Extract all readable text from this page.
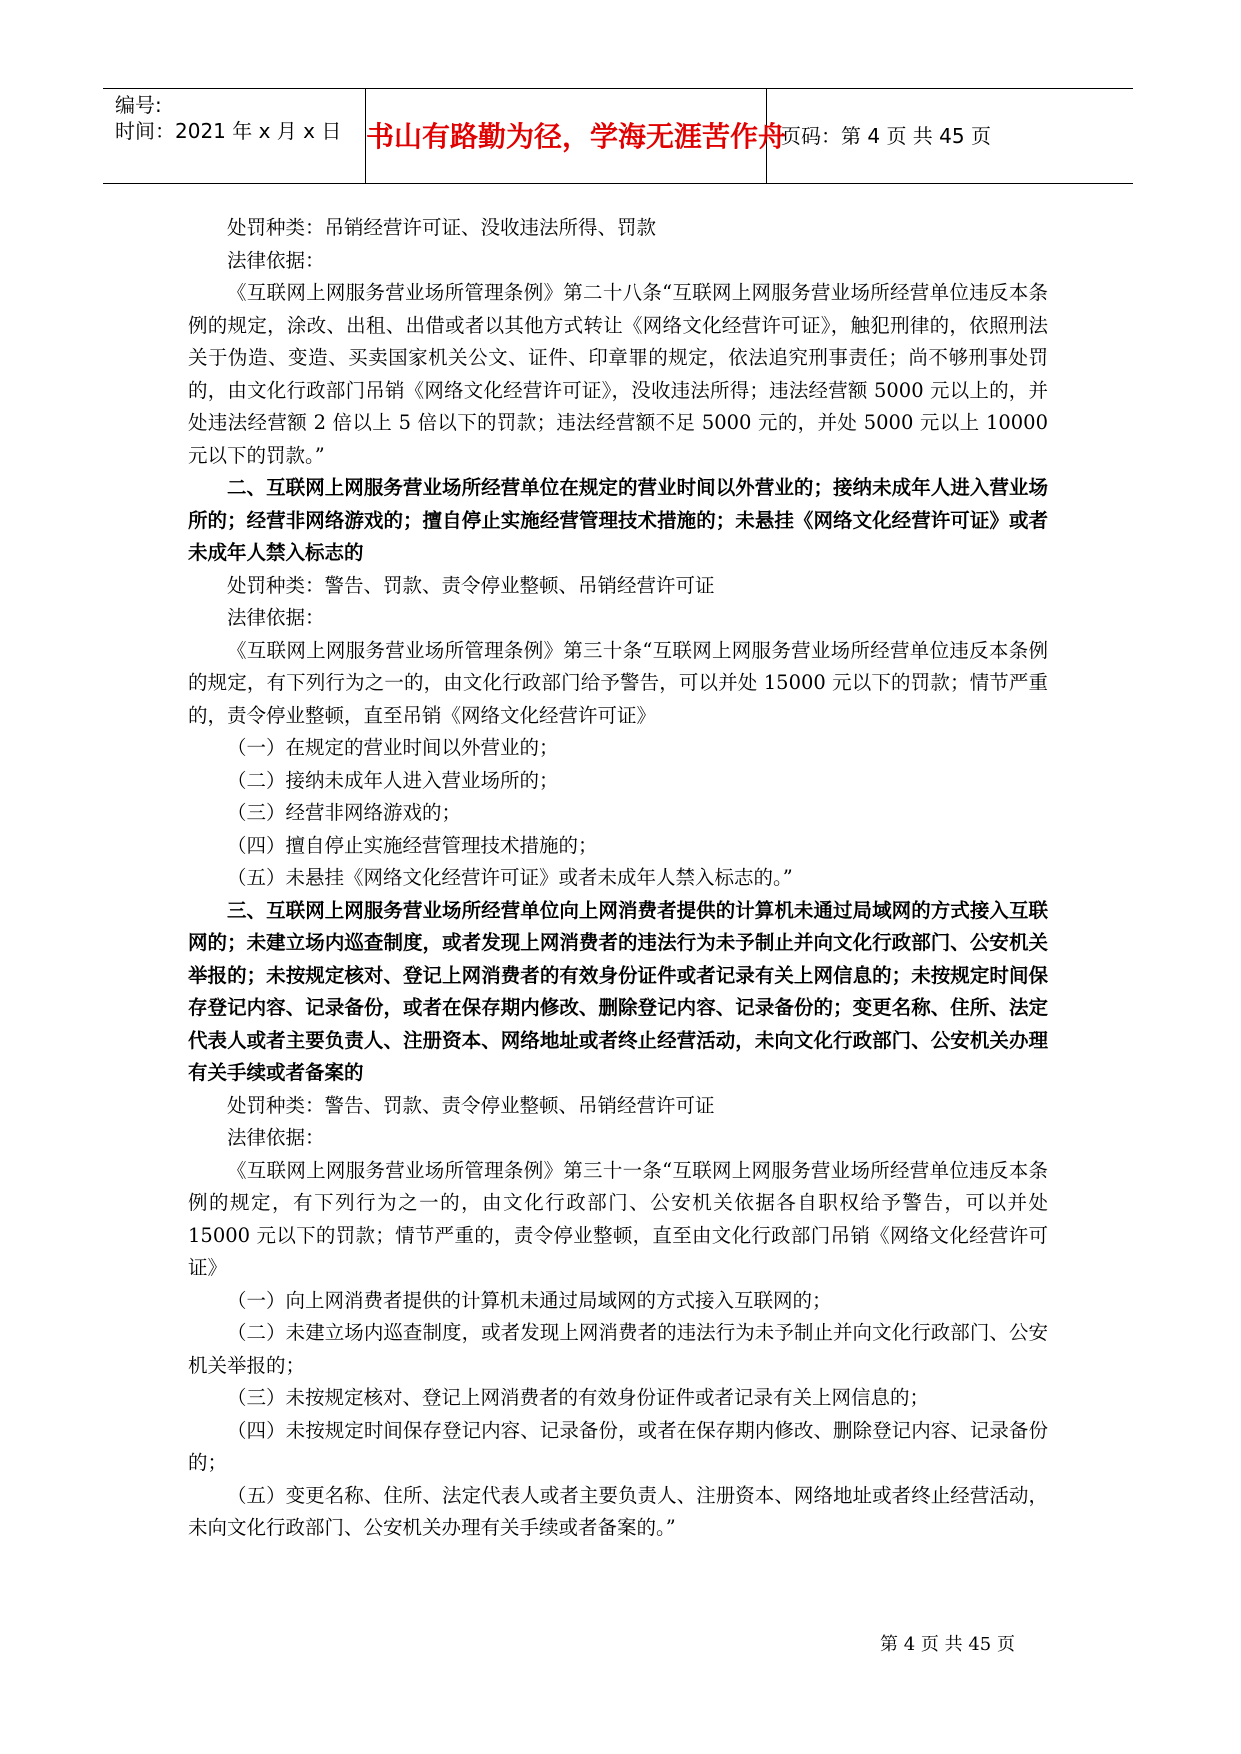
编号:
时间：2021 年 x 月 x 日 书山有路勤为径，学海无涯苦作舟
页码：第 4 页 共 45 页

处罚种类：吊销经营许可证、没收违法所得、罚款

法律依据：

《互联网上网服务营业场所管理条例》第二十八条“互联网上网服务营业场所经营单位违反本条例的规定，涂改、出租、出借或者以其他方式转让《网络文化经营许可证》，触犯刑律的，依照刑法关于伪造、变造、买卖国家机关公文、证件、印章罪的规定，依法追究刑事责任；尚不够刑事处罚的，由文化行政部门吊销《网络文化经营许可证》，没收违法所得；违法经营额 5000 元以上的，并处违法经营额 2 倍以上 5 倍以下的罚款；违法经营额不足 5000 元的，并处 5000 元以上 10000 元以下的罚款。”

二、互联网上网服务营业场所经营单位在规定的营业时间以外营业的；接纳未成年人进入营业场所的；经营非网络游戏的；擅自停止实施经营管理技术措施的；未悬挂《网络文化经营许可证》或者未成年人禁入标志的

处罚种类：警告、罚款、责令停业整顿、吊销经营许可证

法律依据：

《互联网上网服务营业场所管理条例》第三十条“互联网上网服务营业场所经营单位违反本条例的规定，有下列行为之一的，由文化行政部门给予警告，可以并处 15000 元以下的罚款；情节严重的，责令停业整顿，直至吊销《网络文化经营许可证》

（一）在规定的营业时间以外营业的；

（二）接纳未成年人进入营业场所的；

（三）经营非网络游戏的；

（四）擅自停止实施经营管理技术措施的；

（五）未悬挂《网络文化经营许可证》或者未成年人禁入标志的。”

三、互联网上网服务营业场所经营单位向上网消费者提供的计算机未通过局域网的方式接入互联网的；未建立场内巡查制度，或者发现上网消费者的违法行为未予制止并向文化行政部门、公安机关举报的；未按规定核对、登记上网消费者的有效身份证件或者记录有关上网信息的；未按规定时间保存登记内容、记录备份，或者在保存期内修改、删除登记内容、记录备份的；变更名称、住所、法定代表人或者主要负责人、注册资本、网络地址或者终止经营活动，未向文化行政部门、公安机关办理有关手续或者备案的

处罚种类：警告、罚款、责令停业整顿、吊销经营许可证

法律依据：

《互联网上网服务营业场所管理条例》第三十一条“互联网上网服务营业场所经营单位违反本条例的规定，有下列行为之一的，由文化行政部门、公安机关依据各自职权给予警告，可以并处 15000 元以下的罚款；情节严重的，责令停业整顿，直至由文化行政部门吊销《网络文化经营许可证》

（一）向上网消费者提供的计算机未通过局域网的方式接入互联网的；

（二）未建立场内巡查制度，或者发现上网消费者的违法行为未予制止并向文化行政部门、公安机关举报的；

（三）未按规定核对、登记上网消费者的有效身份证件或者记录有关上网信息的；

（四）未按规定时间保存登记内容、记录备份，或者在保存期内修改、删除登记内容、记录备份的；

（五）变更名称、住所、法定代表人或者主要负责人、注册资本、网络地址或者终止经营活动，未向文化行政部门、公安机关办理有关手续或者备案的。”

第 4 页 共 45 页
